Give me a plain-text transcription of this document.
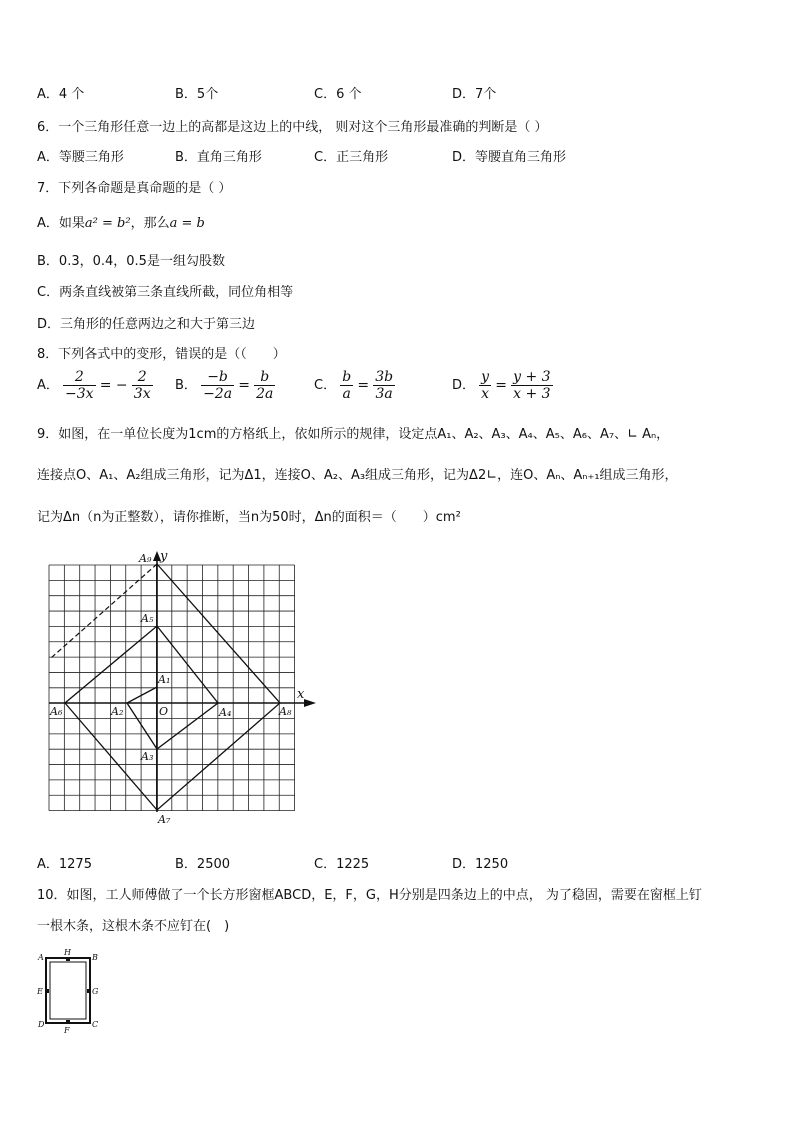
A．4 个	B．5个	C．6 个	D．7个
6．一个三角形任意一边上的高都是这边上的中线， 则对这个三角形最准确的判断是（ ）
A．等腰三角形	B．直角三角形	C．正三角形	D．等腰直角三角形
7．下列各命题是真命题的是（ ）
A．如果a² = b²，那么a = b
B．0.3，0.4，0.5是一组勾股数
C．两条直线被第三条直线所截，同位角相等
D．三角形的任意两边之和大于第三边
8．下列各式中的变形，错误的是（（　　）
A． $\frac{2}{-3x}$ = − $\frac{2}{3x}$ B． $\frac{-b}{-2a} = \frac{b}{2a}$	C． $\frac{b}{a} = \frac{3b}{3a}$	D． $\frac{y}{x} = \frac{y + 3}{x + 3}$
9．如图，在一单位长度为1cm的方格纸上，依如所示的规律，设定点A₁、A₂、A₃、A₄、A₅、A₆、A₇、∟ Aₙ，
连接点O、A₁、A₂组成三角形，记为Δ1，连接O、A₂、A₃组成三角形，记为Δ2∟，连O、Aₙ、Aₙ₊₁组成三角形，
记为Δn（n为正整数），请你推断，当n为50时，Δn的面积＝（　　）cm²
A₉ y
A₅
A₁
x
A₆	A₂	O	A₄	A₈
A₃
A₇
A．1275	B．2500	C．1225	D．1250
10．如图，工人师傅做了一个长方形窗框ABCD，E，F，G，H分别是四条边上的中点， 为了稳固，需要在窗框上钉
一根木条，这根木条不应钉在(　)
A
H
B
E	G
D
F
C
